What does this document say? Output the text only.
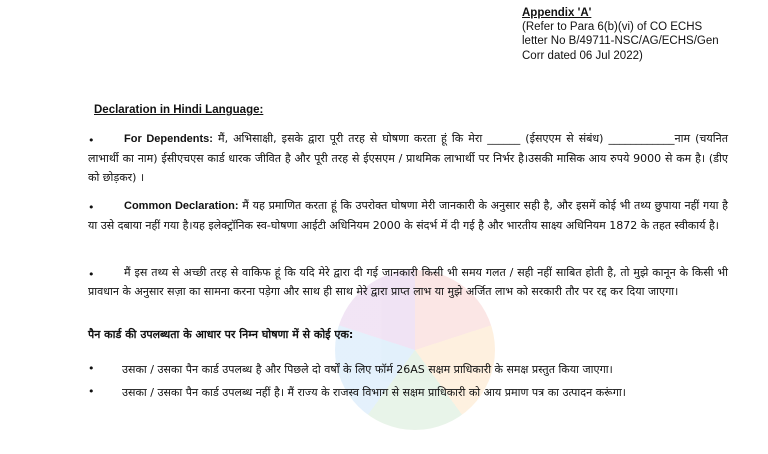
Appendix 'A'
(Refer to Para 6(b)(vi) of CO ECHS
letter No B/49711-NSC/AG/ECHS/Gen
Corr dated 06 Jul 2022)
Declaration in Hindi Language:
•	For Dependents: मैं, अभिसाक्षी, इसके द्वारा पूरी तरह से घोषणा करता हूं कि मेरा ______ (ईसएएम से संबंध) ____________नाम (चयनित लाभार्थी का नाम) ईसीएचएस कार्ड धारक जीवित है और पूरी तरह से ईएसएम / प्राथमिक लाभार्थी पर निर्भर है।उसकी मासिक आय रुपये 9000 से कम है। (डीए को छोड़कर) ।
•	Common Declaration: मैं यह प्रमाणित करता हूं कि उपरोक्त घोषणा मेरी जानकारी के अनुसार सही है, और इसमें कोई भी तथ्य छुपाया नहीं गया है या उसे दबाया नहीं गया है।यह इलेक्ट्रॉनिक स्व-घोषणा आईटी अधिनियम 2000 के संदर्भ में दी गई है और भारतीय साक्ष्य अधिनियम 1872 के तहत स्वीकार्य है।
•	मैं इस तथ्य से अच्छी तरह से वाकिफ हूं कि यदि मेरे द्वारा दी गई जानकारी किसी भी समय गलत / सही नहीं साबित होती है, तो मुझे कानून के किसी भी प्रावधान के अनुसार सज़ा का सामना करना पड़ेगा और साथ ही साथ मेरे द्वारा प्राप्त लाभ या मुझे अर्जित लाभ को सरकारी तौर पर रद्द कर दिया जाएगा।
पैन कार्ड की उपलब्धता के आधार पर निम्न घोषणा में से कोई एक:
•	उसका / उसका पैन कार्ड उपलब्ध है और पिछले दो वर्षों के लिए फॉर्म 26AS सक्षम प्राधिकारी के समक्ष प्रस्तुत किया जाएगा।
•	उसका / उसका पैन कार्ड उपलब्ध नहीं है। मैं राज्य के राजस्व विभाग से सक्षम प्राधिकारी को आय प्रमाण पत्र का उत्पादन करूंगा।
